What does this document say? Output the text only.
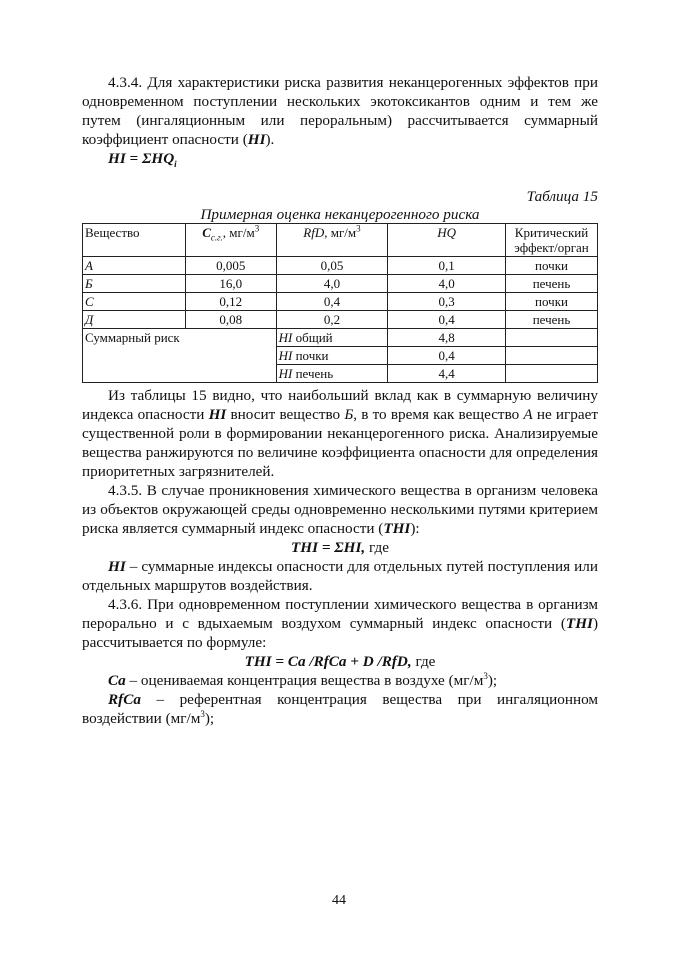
4.3.4. Для характеристики риска развития неканцерогенных эффектов при одновременном поступлении нескольких экотоксикантов одним и тем же путем (ингаляционным или пероральным) рассчитывается суммарный коэффициент опасности (HI).

HI = $\Sigma HQ_i$

Таблица 15

Примерная оценка неканцерогенного риска

Вещество	$C_{с.г.}$, $мг/м^3$	RfD, $мг/м^3$	HQ	Критический эффект/орган
А	0,005	0,05	0,1	почки
Б	16,0	4,0	4,0	печень
С	0,12	0,4	0,3	почки
Д	0,08	0,2	0,4	печень
Суммарный риск		HI общий	4,8	
		HI почки	0,4	
		HI печень	4,4	

Из таблицы 15 видно, что наибольший вклад как в суммарную величину индекса опасности HI вносит вещество Б, в то время как вещество А не играет существенной роли в формировании неканцерогенного риска. Анализируемые вещества ранжируются по величине коэффициента опасности для определения приоритетных загрязнителей.

4.3.5. В случае проникновения химического вещества в организм человека из объектов окружающей среды одновременно несколькими путями критерием риска является суммарный индекс опасности (THI):

THI = ΣHI, где

HI – суммарные индексы опасности для отдельных путей поступления или отдельных маршрутов воздействия.

4.3.6. При одновременном поступлении химического вещества в организм перорально и с вдыхаемым воздухом суммарный индекс опасности (THI) рассчитывается по формуле:

THI = Ca /RfCa + D /RfD, где

Ca – оцениваемая концентрация вещества в воздухе $(мг/м^3)$;

RfCa – референтная концентрация вещества при ингаляционном воздействии $(мг/м^3)$;

44
